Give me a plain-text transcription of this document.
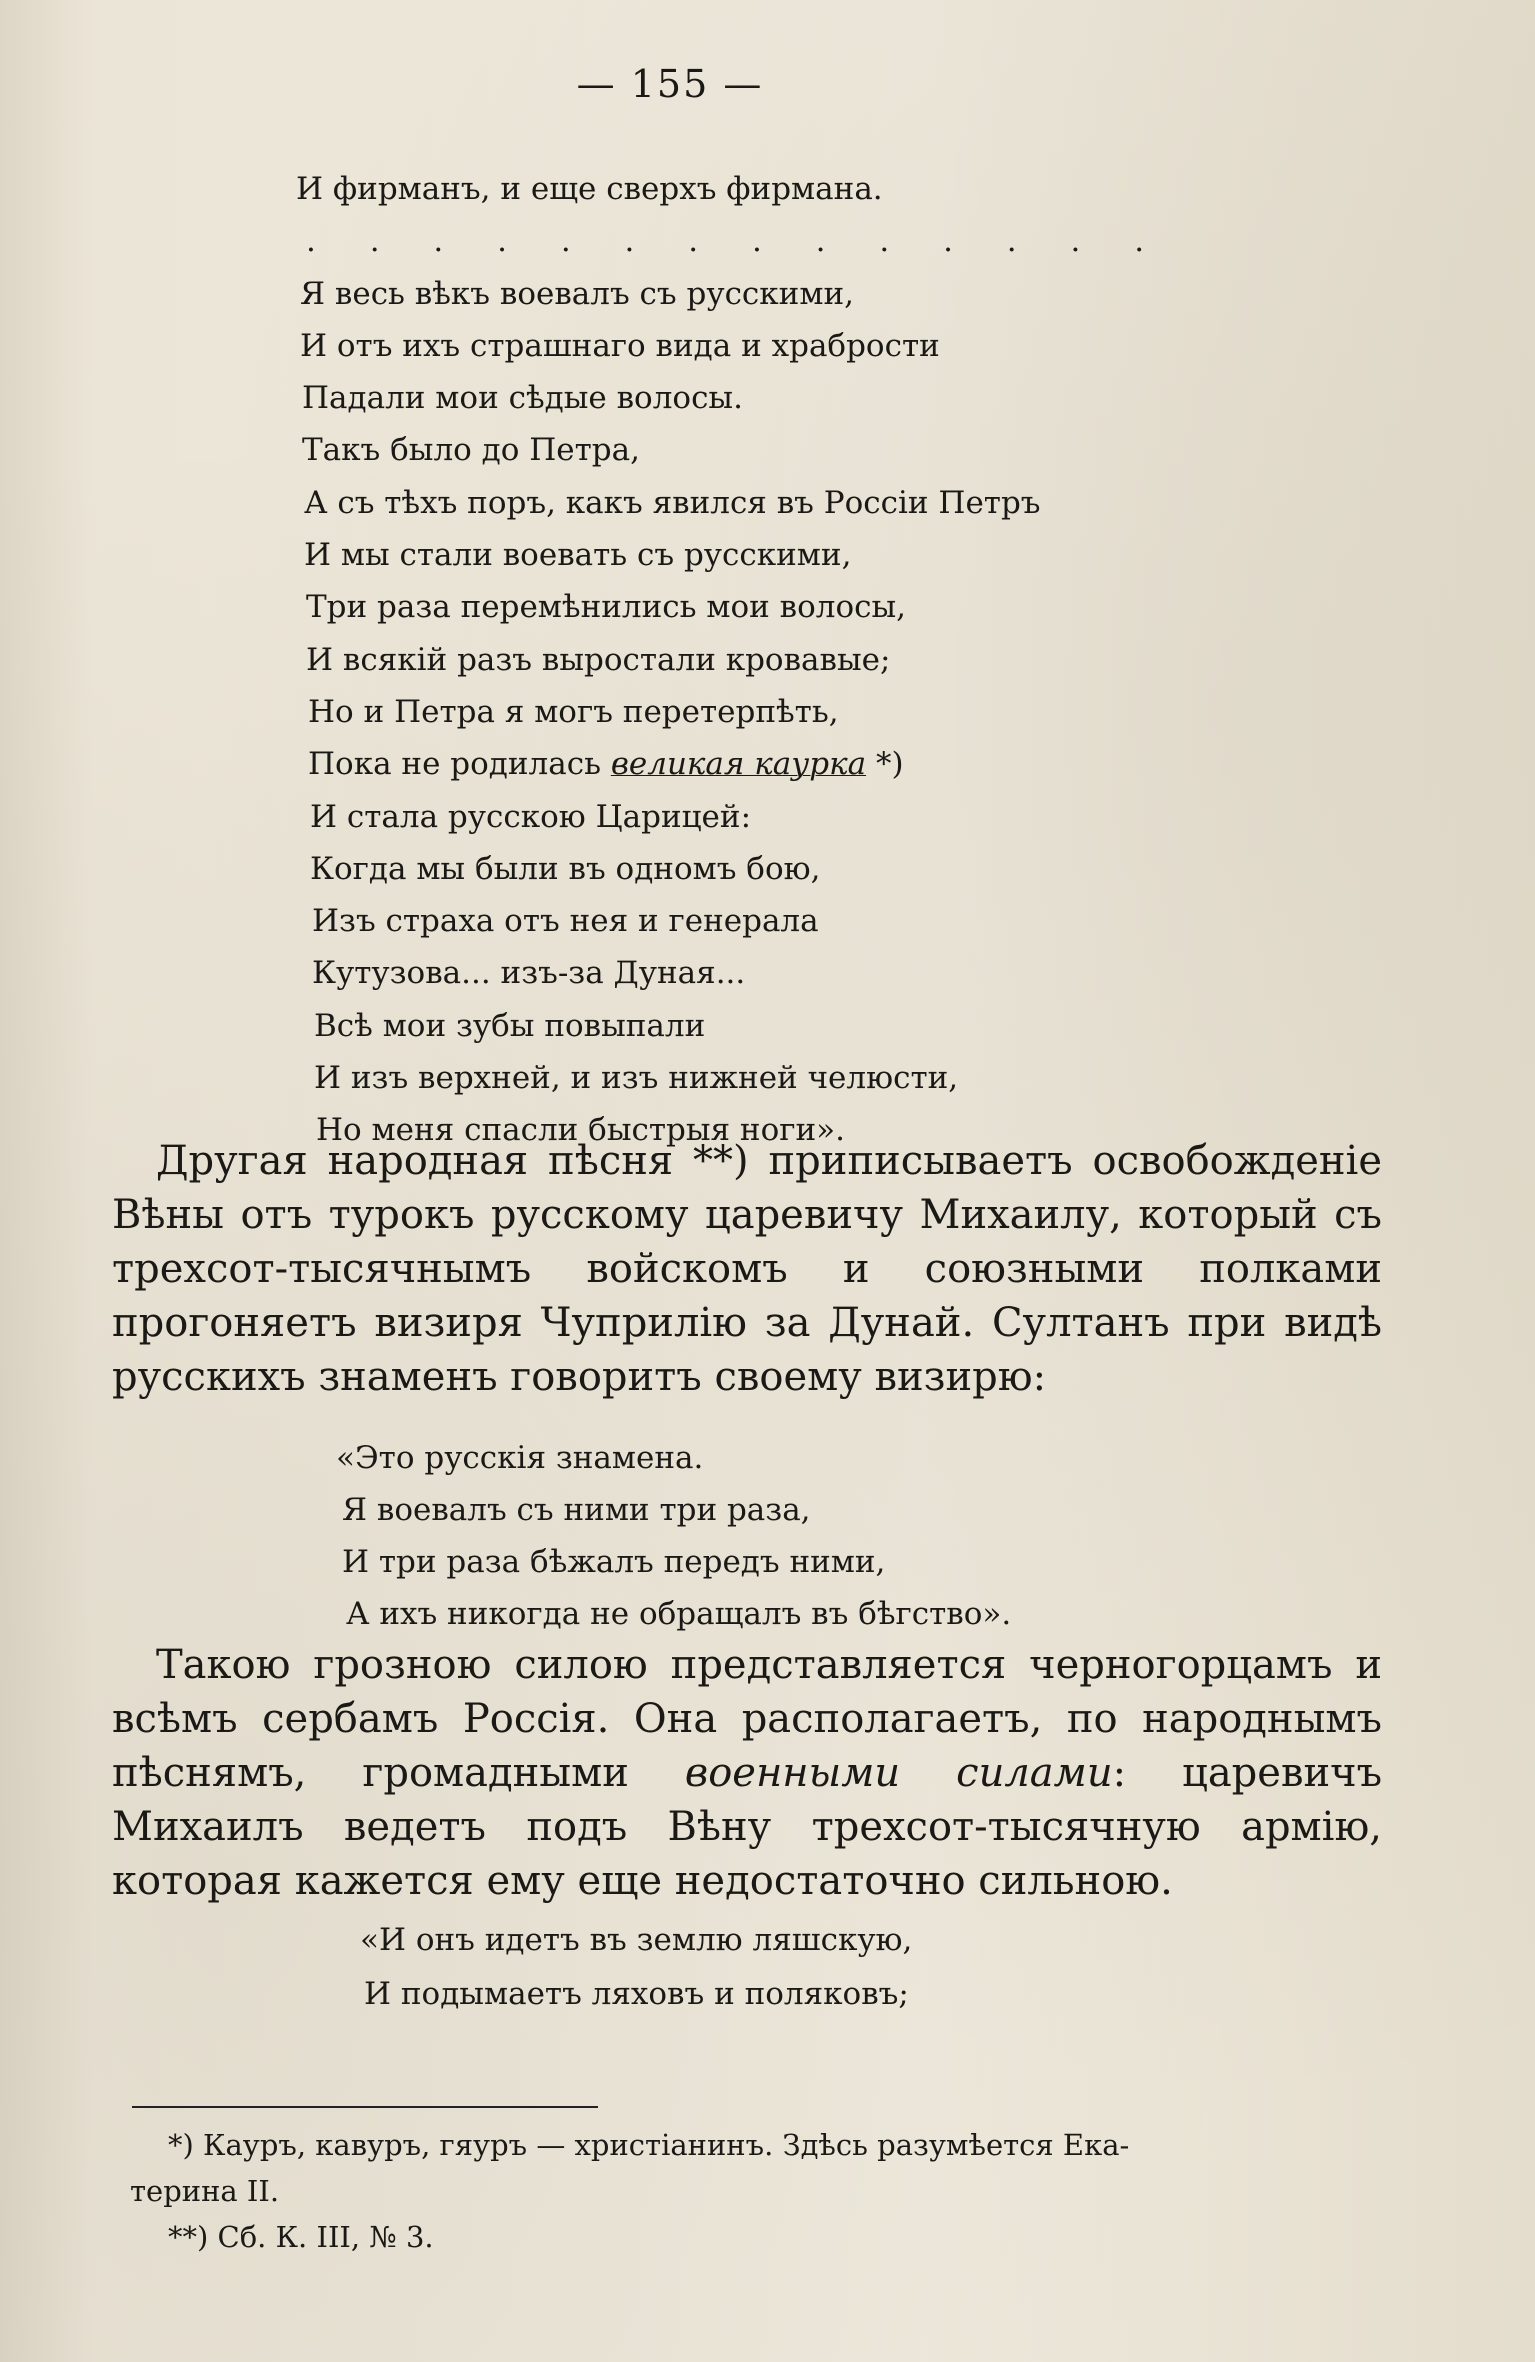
— 155 —
И фирманъ, и еще сверхъ фирмана.
. . . . . . . . . . . . . .
Я весь вѣкъ воевалъ съ русскими,
И отъ ихъ страшнаго вида и храбрости
Падали мои сѣдые волосы.
Такъ было до Петра,
А съ тѣхъ поръ, какъ явился въ Россіи Петръ
И мы стали воевать съ русскими,
Три раза перемѣнились мои волосы,
И всякій разъ выростали кровавые;
Но и Петра я могъ перетерпѣть,
Пока не родилась великая каурка *)
И стала русскою Царицей:
Когда мы были въ одномъ бою,
Изъ страха отъ нея и генерала
Кутузова... изъ-за Дуная...
Всѣ мои зубы повыпали
И изъ верхней, и изъ нижней челюсти,
Но меня спасли быстрыя ноги».

Другая народная пѣсня **) приписываетъ освобожденіе Вѣны отъ турокъ русскому царевичу Михаилу, который съ трехсот-тысячнымъ войскомъ и союзными полками прогоняетъ визиря Чуприлію за Дунай. Султанъ при видѣ русскихъ знаменъ говоритъ своему визирю:

«Это русскія знамена.
Я воевалъ съ ними три раза,
И три раза бѣжалъ передъ ними,
А ихъ никогда не обращалъ въ бѣгство».

Такою грозною силою представляется черногорцамъ и всѣмъ сербамъ Россія. Она располагаетъ, по народнымъ пѣснямъ, громадными военными силами: царевичъ Михаилъ ведетъ подъ Вѣну трехсот-тысячную армію, которая кажется ему еще недостаточно сильною.

«И онъ идетъ въ землю ляшскую,
И подымаетъ ляховъ и поляковъ;
*) Кауръ, кавуръ, гяуръ — христіанинъ. Здѣсь разумѣется Ека-
терина II.
**) Сб. К. III, № 3.
